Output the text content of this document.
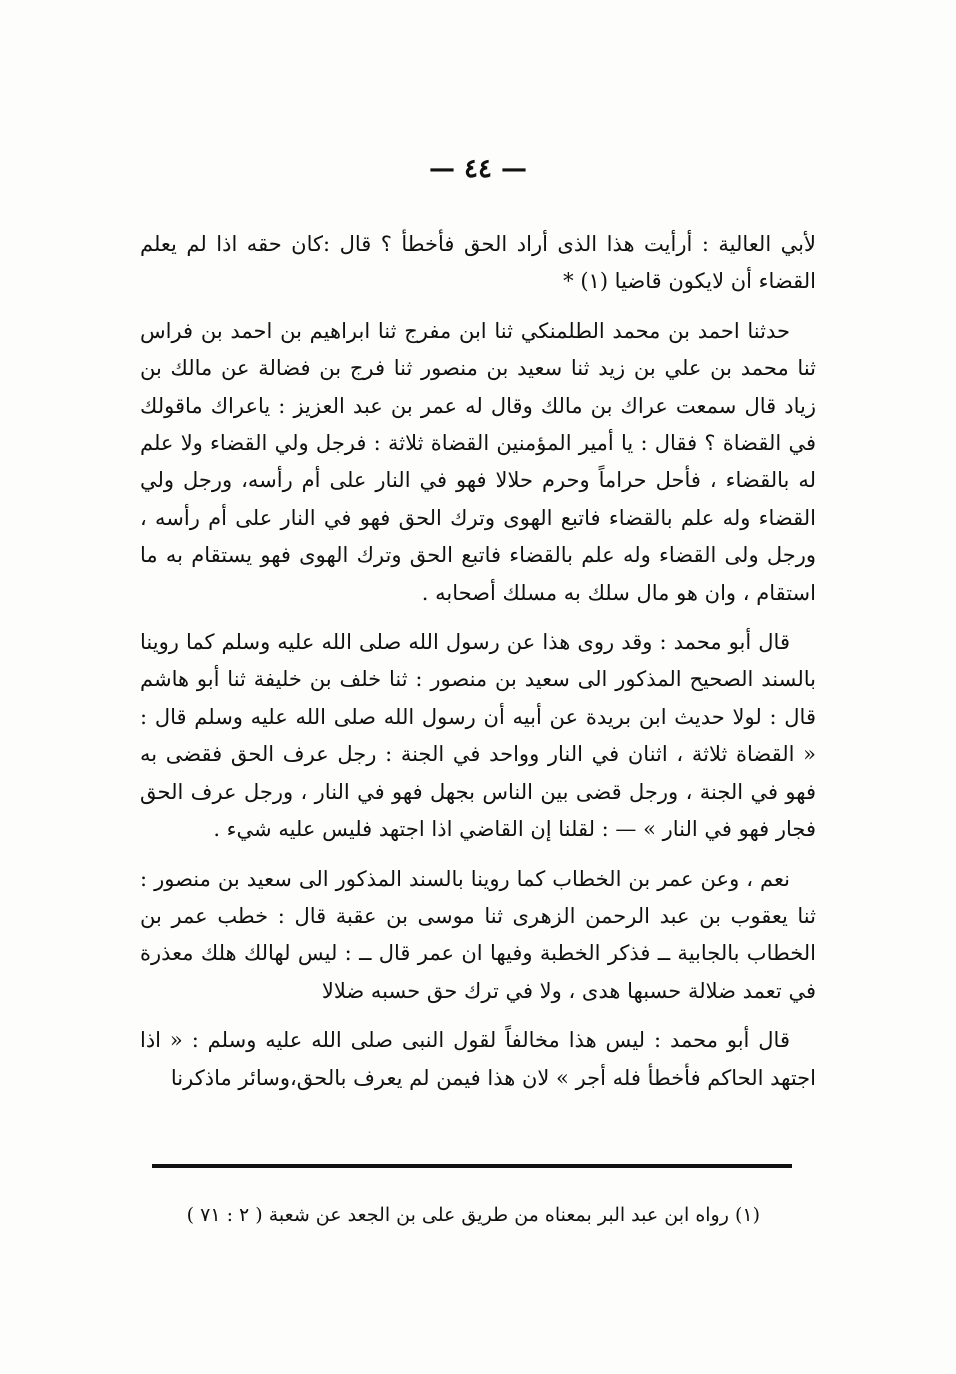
— ٤٤ —

لأبي العالية : أرأيت هذا الذى أراد الحق فأخطأ ؟ قال :كان حقه اذا لم يعلم القضاء أن لايكون قاضيا (١) *

حدثنا احمد بن محمد الطلمنكي ثنا ابن مفرج ثنا ابراهيم بن احمد بن فراس ثنا محمد بن علي بن زيد ثنا سعيد بن منصور ثنا فرج بن فضالة عن مالك بن زياد قال سمعت عراك بن مالك وقال له عمر بن عبد العزيز : ياعراك ماقولك في القضاة ؟ فقال : يا أمير المؤمنين القضاة ثلاثة : فرجل ولي القضاء ولا علم له بالقضاء ، فأحل حراماً وحرم حلالا فهو في النار على أم رأسه، ورجل ولي القضاء وله علم بالقضاء فاتبع الهوى وترك الحق فهو في النار على أم رأسه ، ورجل ولى القضاء وله علم بالقضاء فاتبع الحق وترك الهوى فهو يستقام به ما استقام ، وان هو مال سلك به مسلك أصحابه .

قال أبو محمد : وقد روى هذا عن رسول الله صلى الله عليه وسلم كما روينا بالسند الصحيح المذكور الى سعيد بن منصور : ثنا خلف بن خليفة ثنا أبو هاشم قال : لولا حديث ابن بريدة عن أبيه أن رسول الله صلى الله عليه وسلم قال : « القضاة ثلاثة ، اثنان في النار وواحد في الجنة : رجل عرف الحق فقضى به فهو في الجنة ، ورجل قضى بين الناس بجهل فهو في النار ، ورجل عرف الحق فجار فهو في النار » — : لقلنا إن القاضي اذا اجتهد فليس عليه شيء .

نعم ، وعن عمر بن الخطاب كما روينا بالسند المذكور الى سعيد بن منصور : ثنا يعقوب بن عبد الرحمن الزهرى ثنا موسى بن عقبة قال : خطب عمر بن الخطاب بالجابية ــ فذكر الخطبة وفيها ان عمر قال ــ : ليس لهالك هلك معذرة في تعمد ضلالة حسبها هدى ، ولا في ترك حق حسبه ضلالا

قال أبو محمد : ليس هذا مخالفاً لقول النبى صلى الله عليه وسلم : « اذا اجتهد الحاكم فأخطأ فله أجر » لان هذا فيمن لم يعرف بالحق،وسائر ماذكرنا

(١) رواه ابن عبد البر بمعناه من طريق على بن الجعد عن شعبة ( ٢ : ٧١ )
